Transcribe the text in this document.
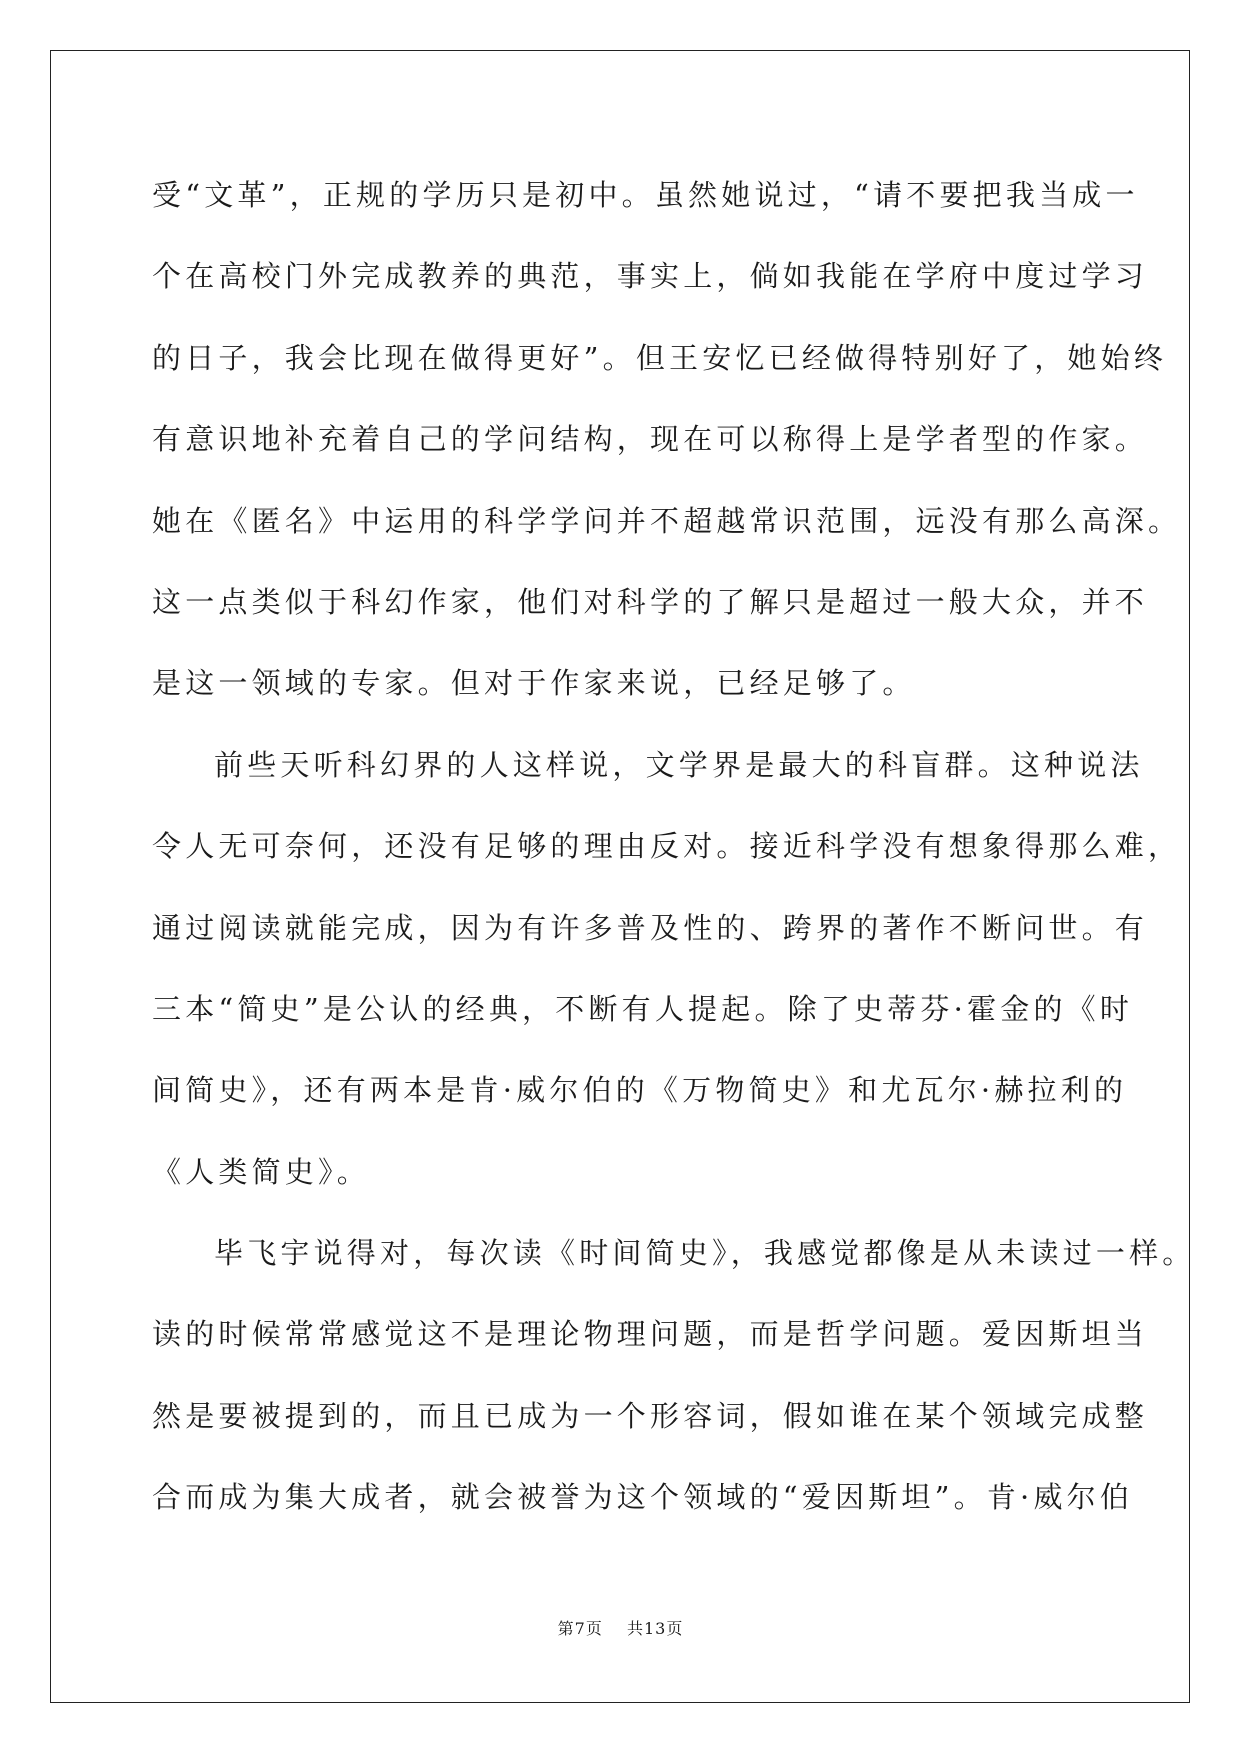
受“文革”，正规的学历只是初中。虽然她说过，“请不要把我当成一
个在高校门外完成教养的典范，事实上，倘如我能在学府中度过学习
的日子，我会比现在做得更好”。但王安忆已经做得特别好了，她始终
有意识地补充着自己的学问结构，现在可以称得上是学者型的作家。
她在《匿名》中运用的科学学问并不超越常识范围，远没有那么高深。
这一点类似于科幻作家，他们对科学的了解只是超过一般大众，并不
是这一领域的专家。但对于作家来说，已经足够了。
前些天听科幻界的人这样说，文学界是最大的科盲群。这种说法
令人无可奈何，还没有足够的理由反对。接近科学没有想象得那么难，
通过阅读就能完成，因为有许多普及性的、跨界的著作不断问世。有
三本“简史”是公认的经典，不断有人提起。除了史蒂芬·霍金的《时
间简史》，还有两本是肯·威尔伯的《万物简史》和尤瓦尔·赫拉利的
《人类简史》。
毕飞宇说得对，每次读《时间简史》，我感觉都像是从未读过一样。
读的时候常常感觉这不是理论物理问题，而是哲学问题。爱因斯坦当
然是要被提到的，而且已成为一个形容词，假如谁在某个领域完成整
合而成为集大成者，就会被誉为这个领域的“爱因斯坦”。肯·威尔伯
第7页 共13页
